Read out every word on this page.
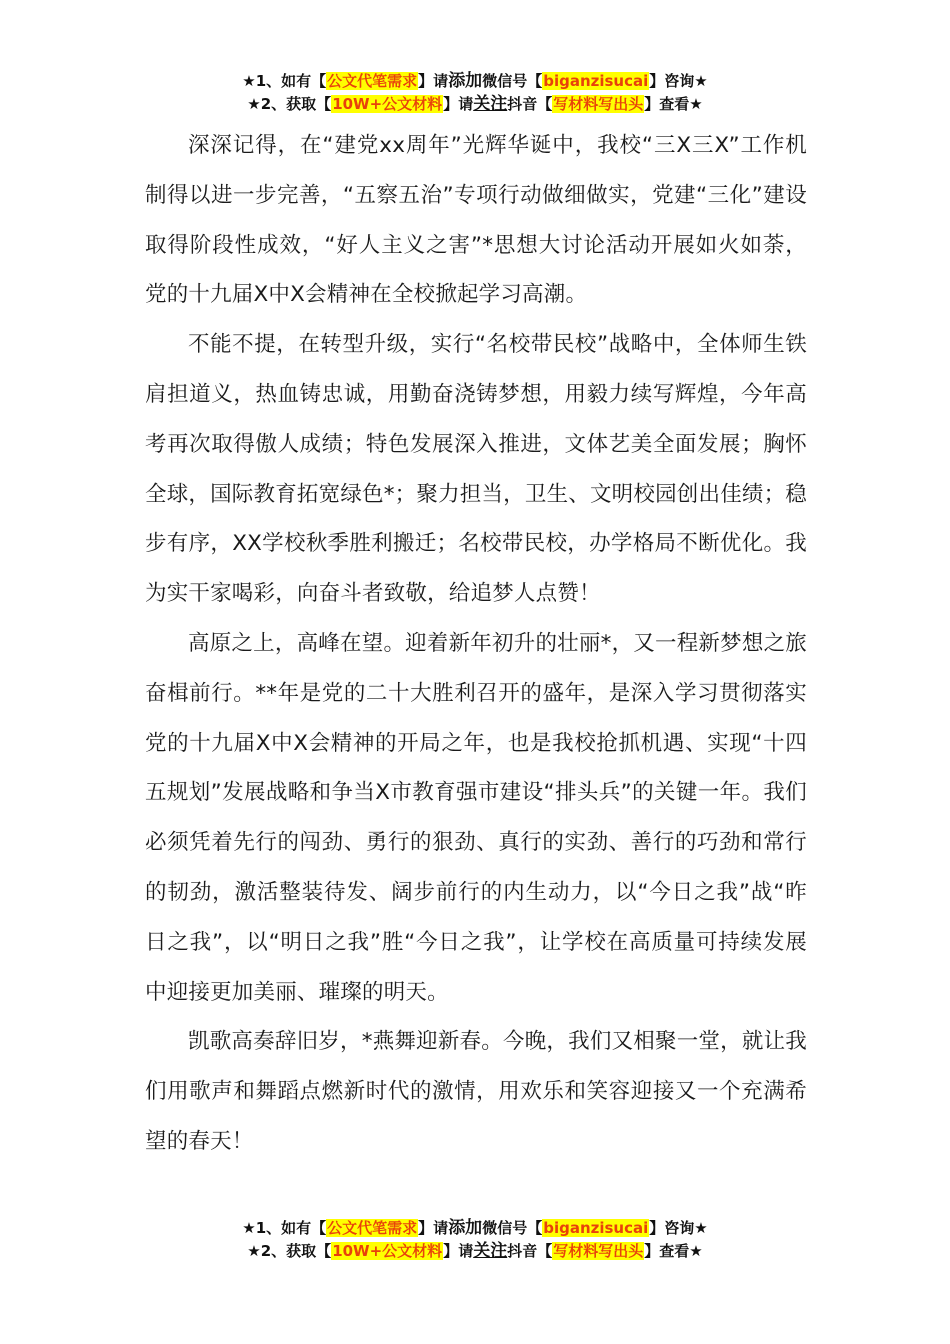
★1、如有【公文代笔需求】请添加微信号【biganzisucai】咨询★
★2、获取【10W+公文材料】请关注抖音【写材料写出头】查看★

深深记得，在“建党xx周年”光辉华诞中，我校“三X三X”工作机制得以进一步完善，“五察五治”专项行动做细做实，党建“三化”建设取得阶段性成效，“好人主义之害”*思想大讨论活动开展如火如荼，党的十九届X中X会精神在全校掀起学习高潮。

不能不提，在转型升级，实行“名校带民校”战略中，全体师生铁肩担道义，热血铸忠诚，用勤奋浇铸梦想，用毅力续写辉煌，今年高考再次取得傲人成绩；特色发展深入推进，文体艺美全面发展；胸怀全球，国际教育拓宽绿色*；聚力担当，卫生、文明校园创出佳绩；稳步有序，XX学校秋季胜利搬迁；名校带民校，办学格局不断优化。我为实干家喝彩，向奋斗者致敬，给追梦人点赞！

高原之上，高峰在望。迎着新年初升的壮丽*，又一程新梦想之旅奋楫前行。**年是党的二十大胜利召开的盛年，是深入学习贯彻落实党的十九届X中X会精神的开局之年，也是我校抢抓机遇、实现“十四五规划”发展战略和争当X市教育强市建设“排头兵”的关键一年。我们必须凭着先行的闯劲、勇行的狠劲、真行的实劲、善行的巧劲和常行的韧劲，激活整装待发、阔步前行的内生动力，以“今日之我”战“昨日之我”，以“明日之我”胜“今日之我”，让学校在高质量可持续发展中迎接更加美丽、璀璨的明天。

凯歌高奏辞旧岁，*燕舞迎新春。今晚，我们又相聚一堂，就让我们用歌声和舞蹈点燃新时代的激情，用欢乐和笑容迎接又一个充满希望的春天！

★1、如有【公文代笔需求】请添加微信号【biganzisucai】咨询★
★2、获取【10W+公文材料】请关注抖音【写材料写出头】查看★
